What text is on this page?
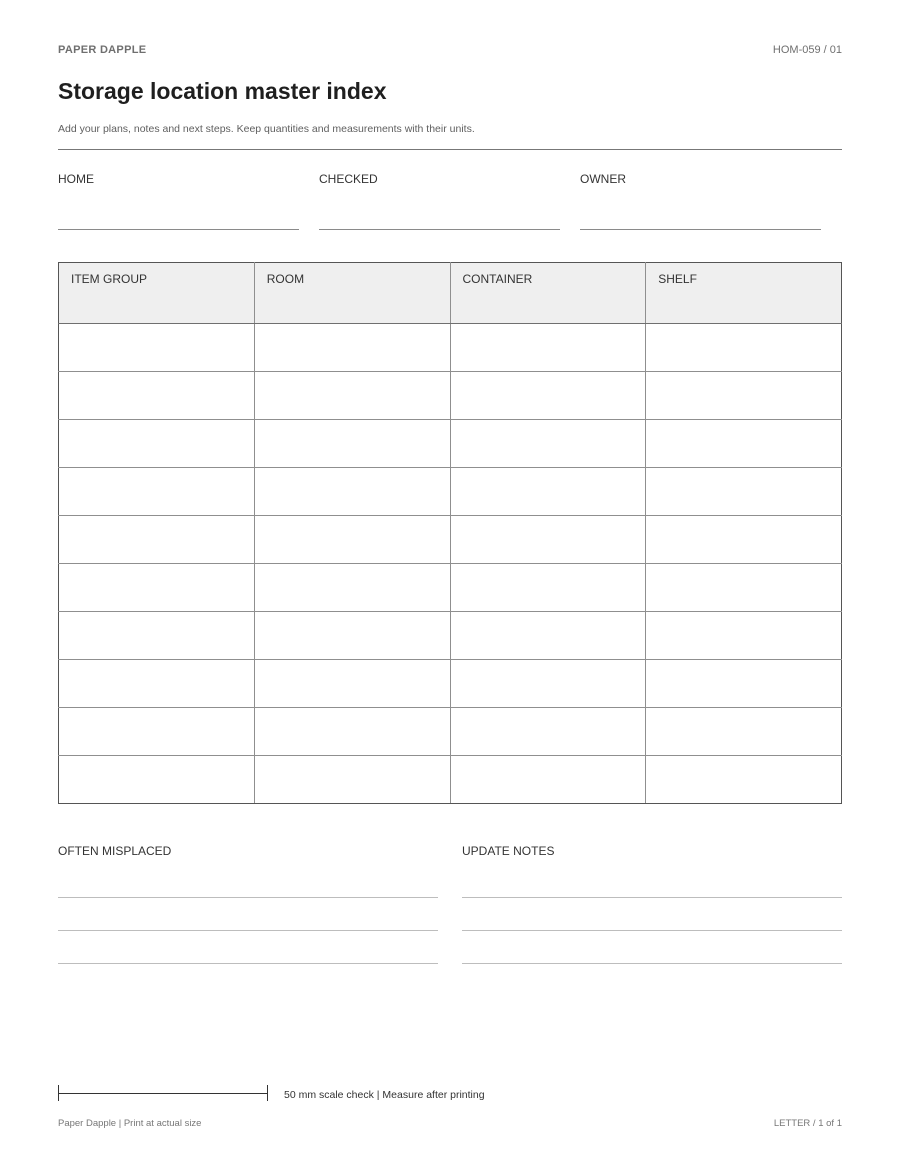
PAPER DAPPLE	HOM-059 / 01
Storage location master index
Add your plans, notes and next steps. Keep quantities and measurements with their units.
HOME	CHECKED	OWNER
ITEM GROUP	ROOM	CONTAINER	SHELF

OFTEN MISPLACED	UPDATE NOTES
50 mm scale check | Measure after printing
Paper Dapple | Print at actual size	LETTER / 1 of 1
